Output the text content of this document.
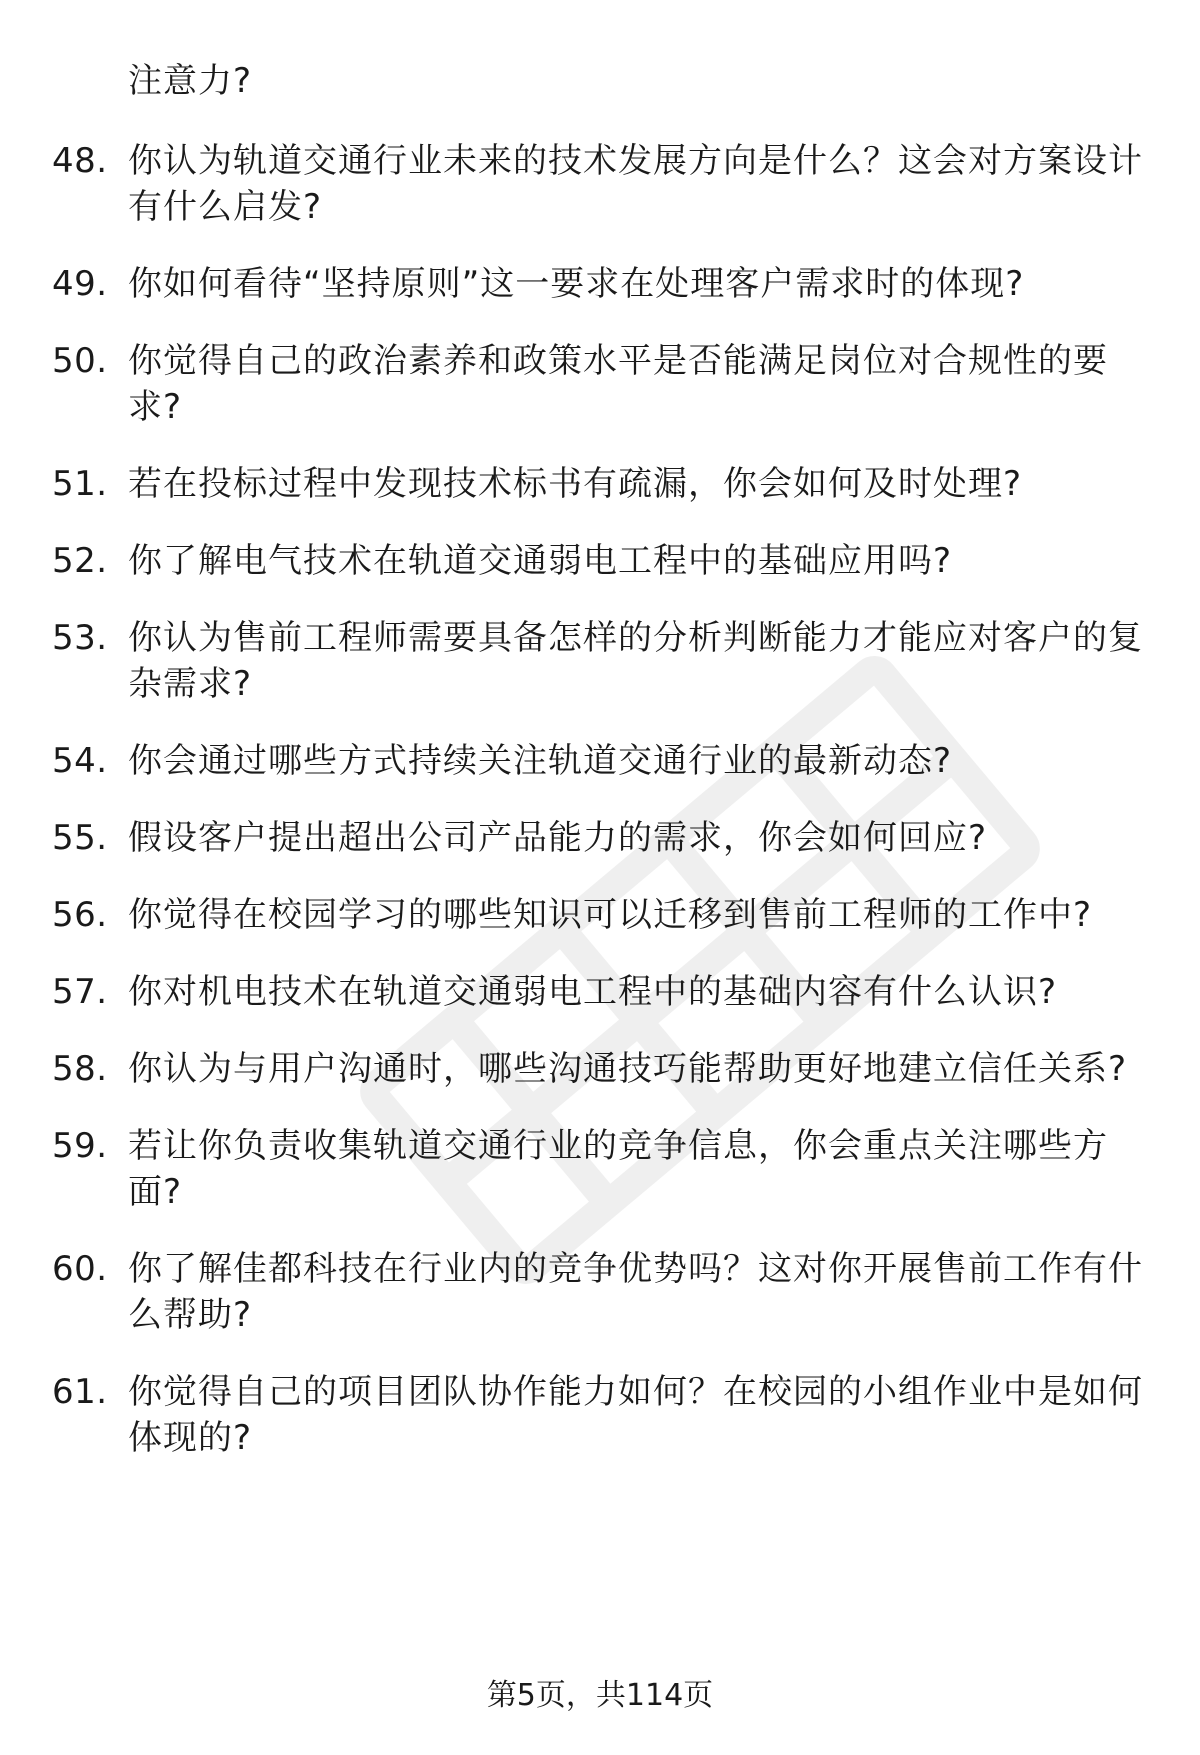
注意力?
48. 你认为轨道交通行业未来的技术发展方向是什么？这会对方案设计有什么启发?
49. 你如何看待“坚持原则”这一要求在处理客户需求时的体现?
50. 你觉得自己的政治素养和政策水平是否能满足岗位对合规性的要求?
51. 若在投标过程中发现技术标书有疏漏，你会如何及时处理?
52. 你了解电气技术在轨道交通弱电工程中的基础应用吗?
53. 你认为售前工程师需要具备怎样的分析判断能力才能应对客户的复杂需求?
54. 你会通过哪些方式持续关注轨道交通行业的最新动态?
55. 假设客户提出超出公司产品能力的需求，你会如何回应?
56. 你觉得在校园学习的哪些知识可以迁移到售前工程师的工作中?
57. 你对机电技术在轨道交通弱电工程中的基础内容有什么认识?
58. 你认为与用户沟通时，哪些沟通技巧能帮助更好地建立信任关系?
59. 若让你负责收集轨道交通行业的竞争信息，你会重点关注哪些方面?
60. 你了解佳都科技在行业内的竞争优势吗？这对你开展售前工作有什么帮助?
61. 你觉得自己的项目团队协作能力如何？在校园的小组作业中是如何体现的?
第5页，共114页
